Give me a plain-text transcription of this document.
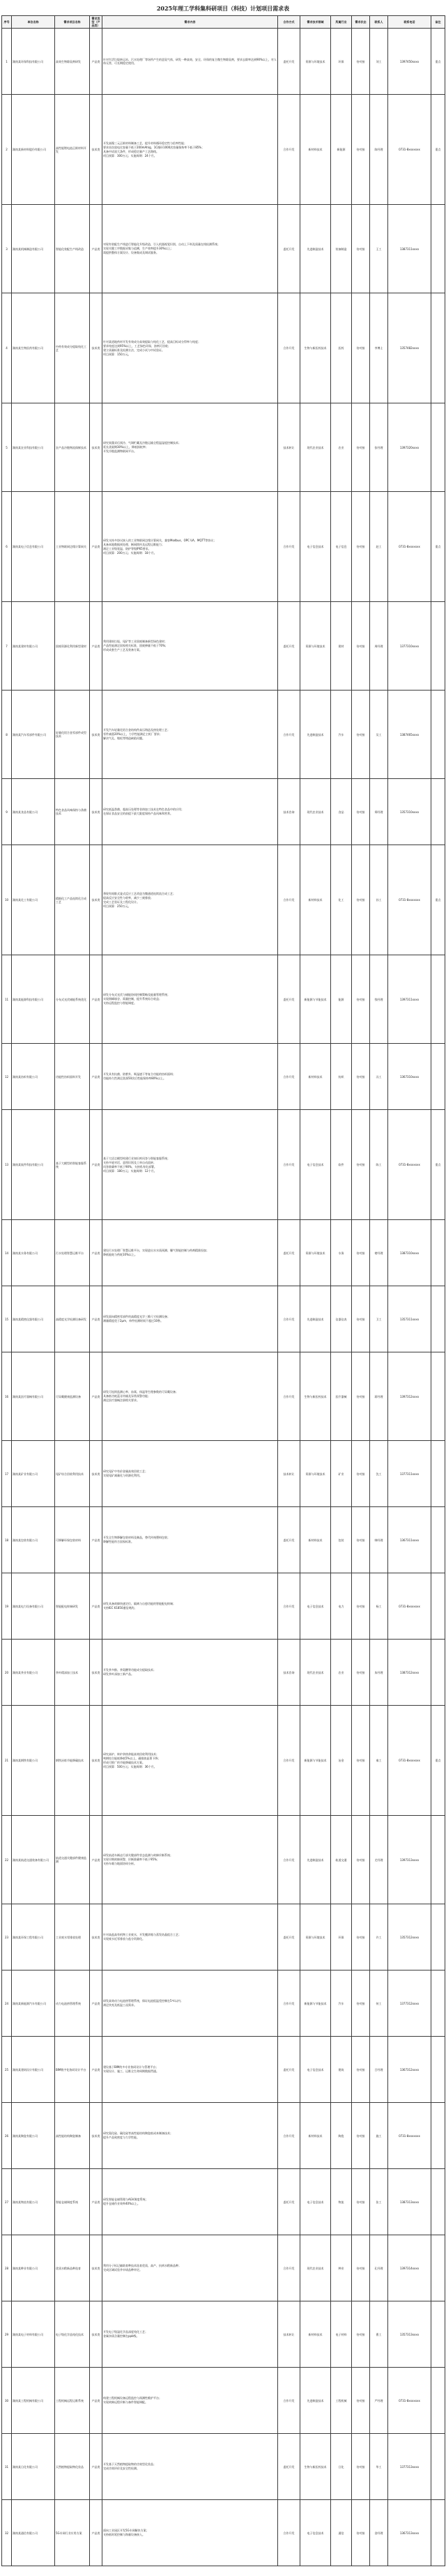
2025年理工学科集科研项目（科技）计划项目需求表
序号	单位名称	需求项目名称	需求类型（产品类）	需求内容	合作方式	需求技术领域	所属行业	需求状态	联系人	联系电话	备注
1	湖南某环保科技有限公司	高效生物除臭剂研发	产品类	针对生活垃圾转运站、污水处理厂等场所产生的恶臭气体，研发一种高效、安全、环保的复合微生物除臭剂，要求去除率达到90%以上，对人体无害，可长期稳定使用。	委托开发	资源与环境技术	环保	待对接	刘工	1397450xxxx	重点
2	湖南某新材料股份有限公司	高性能锂电池正极材料开发	技术类	开发高镍三元正极材料制备工艺，提升材料循环稳定性与倍率性能；
要求首次放电比容量不低于200mAh/g，1C循环1000次容量保持率不低于85%；
具备中试放大条件，形成稳定量产工艺路线。
项目预算：300万元；实施周期：24个月。	合作开发	新材料技术	新能源	待对接	陈经理	0731-8xxxxxxx	重点
3	湖南某机械制造有限公司	智能化装配生产线改造	产品类	对现有装配生产线进行智能化升级改造，引入机器视觉识别、自动上下料及质量在线检测系统；
实现关键工序数据采集与追溯，生产效率提升30%以上；
需提供整体方案设计、设备集成及调试服务。	委托开发	先进制造技术	装备制造	待对接	王工	1387311xxxx	
4	湖南某生物医药有限公司	中药有效成分提取纯化工艺	技术类	针对某道地药材开发有效成分高效提取与纯化工艺，提高目标成分得率与纯度；
要求纯度达到95%以上，工艺绿色环保、溶剂可回收；
建立质量标准及检测方法，完成小试与中试验证。
项目预算：150万元。	合作开发	生物与新医药技术	医药	待对接	李博士	1357482xxxx	
5	湖南某农业科技有限公司	农产品冷链物流保鲜技术	技术类	研究果蔬采后预冷、气调贮藏及冷链运输全程温湿度控制技术；
延长货架期30%以上，降低损耗率；
开发冷链监测物联网平台。	技术转让	现代农业技术	农业	待对接	张经理	1397320xxxx	
6	湖南某电子信息有限公司	工业物联网边缘计算网关	产品类	研发支持多协议接入的工业物联网边缘计算网关，兼容Modbus、OPC UA、MQTT等协议；
具备本地数据预处理、断网续传及远程运维能力；
满足工业级宽温、防护等级IP65要求。
项目预算：200万元；实施周期：18个月。	合作开发	电子信息技术	电子信息	待对接	赵工	0731-8xxxxxxx	重点
7	湖南某建材有限公司	固废资源化利用新型建材	产品类	利用建筑垃圾、尾矿等工业固废制备新型绿色建材；
产品性能满足国家相关标准，固废掺量不低于70%；
形成成套生产工艺及装备方案。	委托开发	资源与环境技术	建材	待对接	周经理	1377310xxxx	
8	湖南某汽车零部件有限公司	轻量化铝合金零部件成型技术	技术类	开发汽车轻量化铝合金结构件高压铸造及热处理工艺；
零件减重20%以上，力学性能满足主机厂要求；
解决气孔、缩松等铸造缺陷问题。	合作开发	先进制造技术	汽车	待对接	吴工	1387465xxxx	
9	湖南某食品有限公司	特色食品风味保持与杀菌技术	技术类	研究低温杀菌、超高压处理等非热加工技术在特色食品中的应用；
在保证食品安全的前提下最大限度保持产品风味和营养。	技术咨询	现代农业技术	食品	待对接	郑经理	1357310xxxx	
10	湖南某化工有限公司	精细化工产品连续化合成工艺	技术类	将现有间歇式釜式反应工艺改造为微通道连续流合成工艺；
提高反应安全性与收率，减少三废排放；
完成工艺验证及工程化设计。
项目预算：250万元。	合作开发	新材料技术	化工	待对接	孙工	0731-8xxxxxxx	重点
11	湖南某能源科技有限公司	分布式光伏储能系统优化	产品类	研发分布式光伏与储能协同控制策略及能量管理系统；
实现削峰填谷、需量控制，提升系统综合收益；
支持远程监控与智能调度。	委托开发	新能源与节能技术	能源	待对接	钱经理	1397311xxxx	
12	湖南某纺织有限公司	功能性纺织面料开发	产品类	开发具有抗菌、防紫外、吸湿速干等复合功能的纺织面料；
功能持久性满足洗涤50次后性能保持率80%以上。	合作开发	新材料技术	纺织	待对接	冯工	1367310xxxx	
13	湖南某软件科技有限公司	基于大模型的智能客服系统	产品类	基于大语言模型构建行业知识库问答与智能客服系统；
支持多轮对话、意图识别及工单自动流转；
问答准确率不低于90%，支持私有化部署。
项目预算：180万元；实施周期：12个月。	合作开发	电子信息技术	软件	待对接	陈工	0731-8xxxxxxx	重点
14	湖南某水务有限公司	污水处理智慧运维平台	产品类	建设污水处理厂智慧运维平台，实现进出水水质预测、曝气智能控制与药剂精准投加；
降低能耗与药耗10%以上。	委托开发	资源与环境技术	水务	待对接	褚经理	1387310xxxx	
15	湖南某精密仪器有限公司	高精度光学检测设备研发	产品类	研发面向精密零部件的高精度光学三维尺寸检测设备；
测量精度优于2μm，单件检测时间不超过10秒。	合作开发	先进制造技术	仪器仪表	待对接	卫工	1357311xxxx	
16	湖南某医疗器械有限公司	可穿戴健康监测设备	产品类	研发可连续监测心率、血氧、体温等生理参数的可穿戴设备；
具备低功耗蓝牙传输及异常预警功能；
满足医疗器械注册相关要求。	合作开发	生物与新医药技术	医疗器械	待对接	蒋经理	1397312xxxx	
17	湖南某矿业有限公司	尾矿综合回收利用技术	技术类	研究尾矿中有价金属高效回收工艺；
实现尾矿减量化与资源化利用。	技术转让	资源与环境技术	矿业	待对接	沈工	1377311xxxx	
18	湖南某包装有限公司	可降解环保包装材料	产品类	开发全生物降解包装材料及制品，替代传统塑料包装；
降解性能符合国家标准。	委托开发	新材料技术	包装	待对接	韩经理	1367311xxxx	
19	湖南某电力设备有限公司	智能配电终端研发	产品类	研发具备故障快速定位、隔离与自愈功能的智能配电终端；
支持IEC 61850通信规约。	合作开发	电子信息技术	电力	待对接	杨工	0731-8xxxxxxx	
20	湖南某茶业有限公司	茶叶精深加工技术	技术类	开发茶多酚、茶氨酸等功能成分提取技术；
研发茶叶深加工新产品。	技术咨询	现代农业技术	农业	待对接	朱经理	1387312xxxx	
21	湖南某钢铁有限公司	钢铁冶炼节能降碳技术	技术类	研究高炉、转炉余热余能高效回收利用技术；
吨钢综合能耗降低5%以上，碳排放显著下降；
形成可推广的节能降碳技术方案。
项目预算：500万元；实施周期：36个月。	合作开发	新能源与节能技术	冶金	待对接	秦工	0731-8xxxxxxx	重点
22	湖南某轨道交通装备有限公司	轨道交通关键部件健康监测	产品类	研发轨道车辆走行部关键部件状态监测与故障诊断系统；
实现早期故障预警，诊断准确率不低于95%；
支持车载与地面协同分析。	合作开发	先进制造技术	轨道交通	待对接	尤经理	1397313xxxx	
23	湖南某环保工程有限公司	工业废水零排放处理	技术类	针对高盐高有机物工业废水，开发膜浓缩与蒸发结晶组合工艺；
实现废水近零排放与盐分资源化。	委托开发	资源与环境技术	环保	待对接	许工	1357312xxxx	
24	湖南某新能源汽车有限公司	动力电池热管理系统	产品类	研发高效动力电池热管理系统，保证电池组温差控制在5℃以内；
满足快充及低温工况需求。	合作开发	新能源与节能技术	汽车	待对接	何工	1377312xxxx	
25	湖南某建筑设计有限公司	BIM数字化协同设计平台	产品类	建设基于BIM的多专业协同设计与管理平台；
实现设计、施工、运维全生命周期数据贯通。	委托开发	电子信息技术	建筑	待对接	吕经理	1367312xxxx	
26	湖南某陶瓷有限公司	高性能结构陶瓷制备	技术类	研究氮化硅、碳化硅等高性能结构陶瓷低成本制备技术；
提升产品致密度与力学性能。	合作开发	新材料技术	陶瓷	待对接	施工	0731-8xxxxxxx	
27	湖南某物流有限公司	智能仓储调度系统	产品类	研发智能仓储管理与AGV调度系统；
提升仓储作业效率40%以上。	委托开发	电子信息技术	物流	待对接	张工	1387313xxxx	
28	湖南某种业有限公司	优质水稻新品种选育	技术类	利用分子标记辅助育种技术选育优质、高产、抗病水稻新品种；
完成区域试验并申请品种审定。	合作开发	现代农业技术	种业	待对接	孔经理	1397314xxxx	
29	湖南某电子材料有限公司	电子级化学品纯化技术	技术类	开发电子级湿化学品深度纯化工艺；
金属杂质含量控制在ppb级。	技术转让	新材料技术	电子材料	待对接	曹工	1357313xxxx	
30	湖南某工程机械有限公司	工程机械远程运维系统	产品类	构建工程机械设备远程监控与预测性维护平台；
实现故障远程诊断与备件智能调配。	合作开发	先进制造技术	工程机械	待对接	严经理	0731-8xxxxxxx	
31	湖南某日化有限公司	天然植物提取物化妆品	产品类	开发基于天然植物提取物的功效型化妆品；
完成功效评价及安全性检测。	委托开发	生物与新医药技术	日化	待对接	华工	1377313xxxx	
32	湖南某通信有限公司	5G专网行业应用方案	产品类	面向工业园区开发5G专网解决方案；
支持低时延控制与海量设备接入。	合作开发	电子信息技术	通信	待对接	金经理	1367313xxxx	
